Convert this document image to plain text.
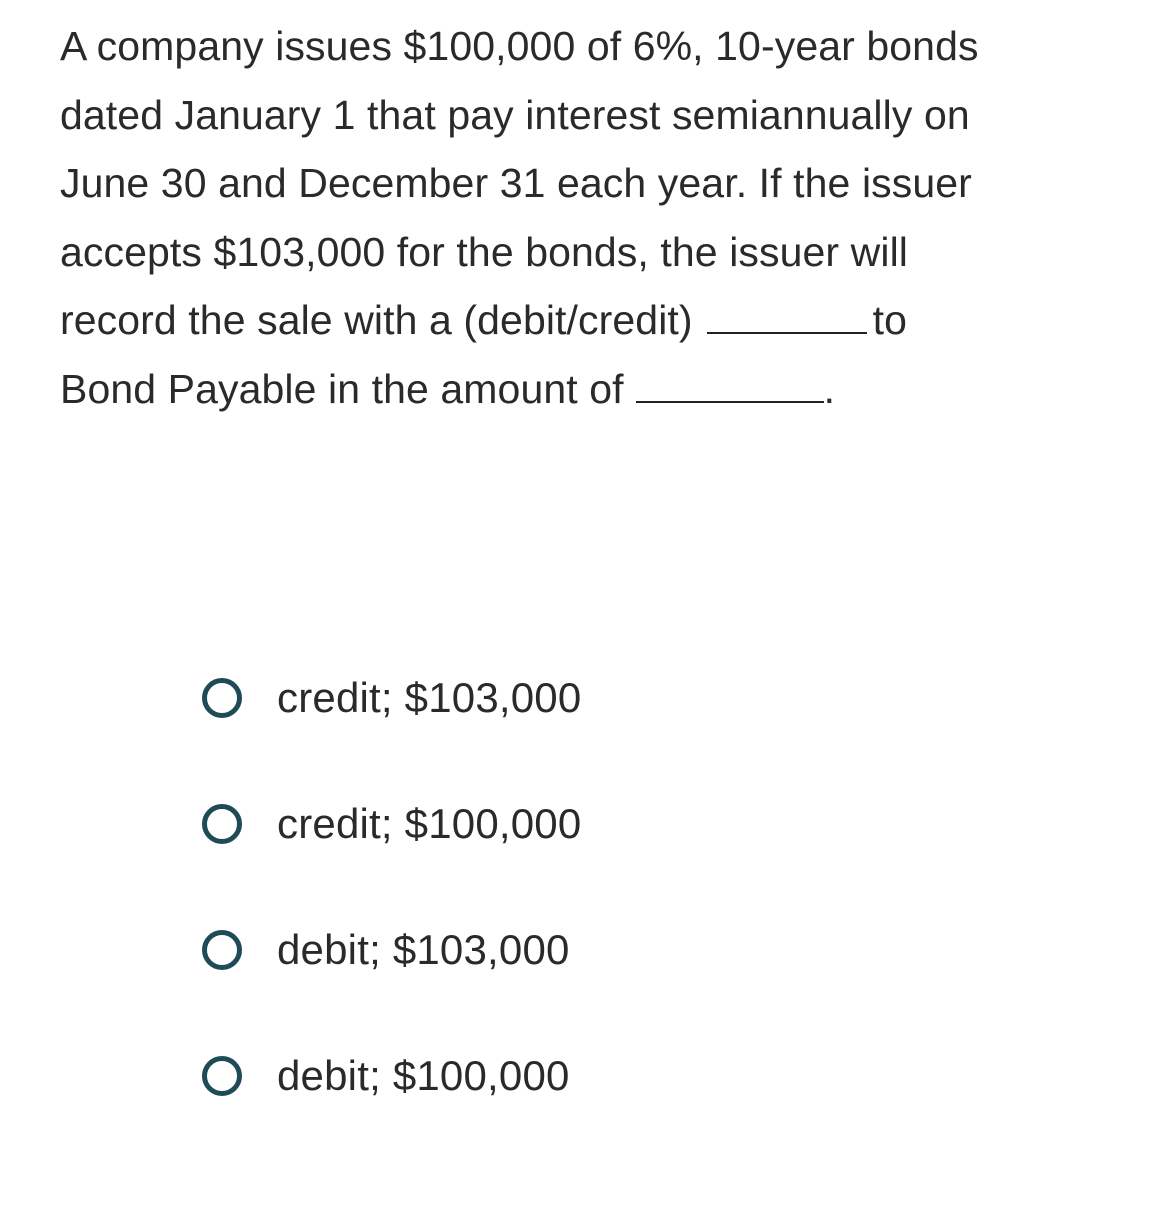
A company issues $100,000 of 6%, 10-year bonds
dated January 1 that pay interest semiannually on
June 30 and December 31 each year. If the issuer
accepts $103,000 for the bonds, the issuer will
record the sale with a (debit/credit)	to
Bond Payable in the amount of	.
credit; $103,000
credit; $100,000
debit; $103,000
debit; $100,000
